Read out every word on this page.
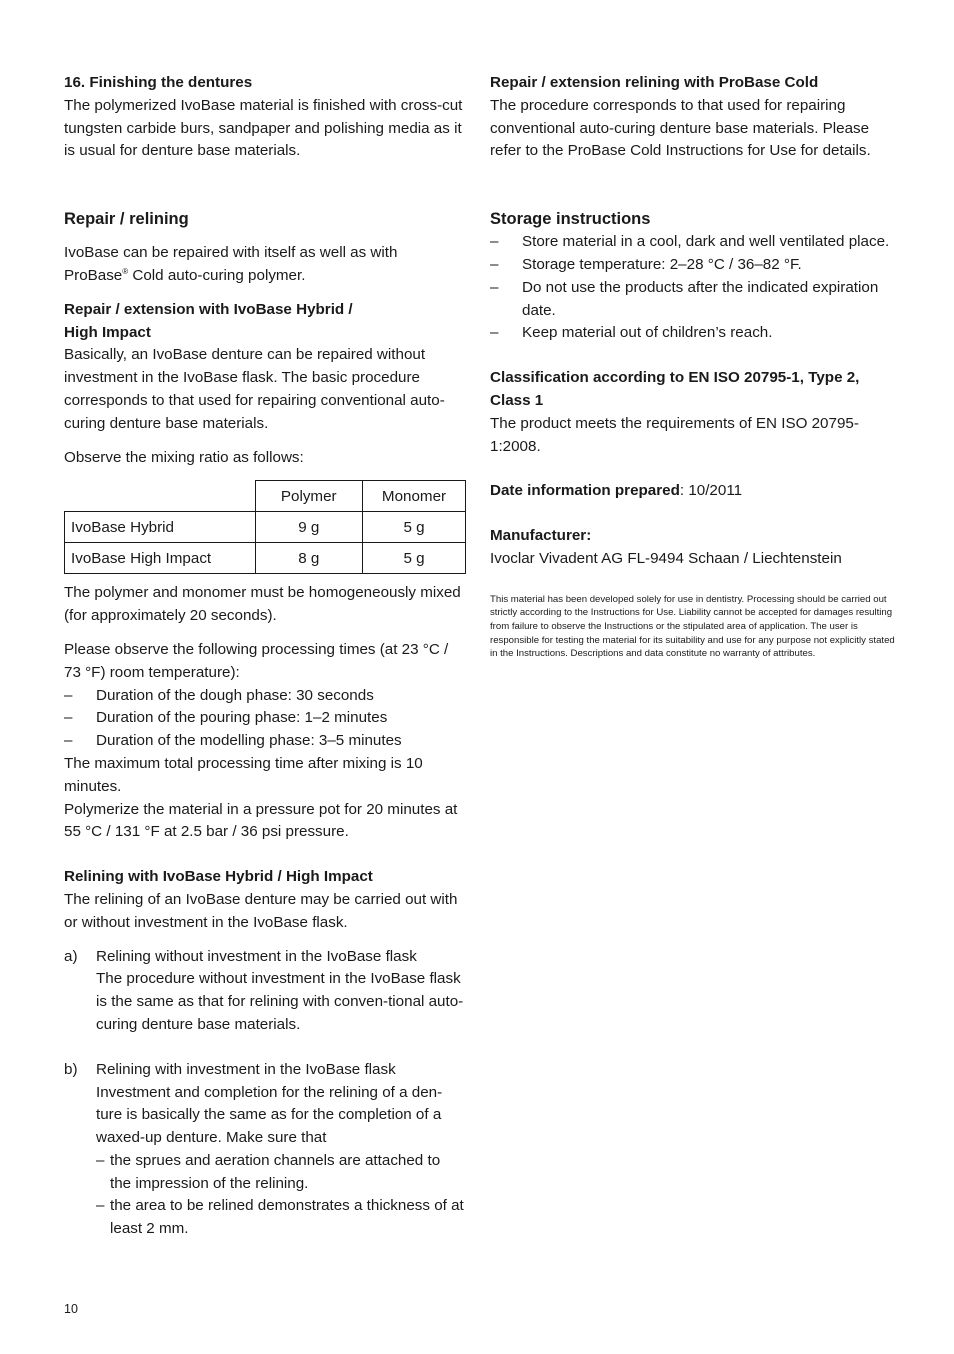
16. Finishing the dentures

The polymerized IvoBase material is finished with cross-cut tungsten carbide burs, sandpaper and polishing media as it is usual for denture base materials.

Repair / relining

IvoBase can be repaired with itself as well as with ProBase® Cold auto-curing polymer.

Repair / extension with IvoBase Hybrid /

High Impact

Basically, an IvoBase denture can be repaired without investment in the IvoBase flask. The basic procedure corresponds to that used for repairing conventional auto-curing denture base materials.

Observe the mixing ratio as follows:

	Polymer	Monomer
IvoBase Hybrid	9 g	5 g
IvoBase High Impact	8 g	5 g

The polymer and monomer must be homogeneously mixed (for approximately 20 seconds).

Please observe the following processing times (at 23 °C / 73 °F) room temperature):

–	Duration of the dough phase: 30 seconds
–	Duration of the pouring phase: 1–2 minutes
–	Duration of the modelling phase: 3–5 minutes

The maximum total processing time after mixing is 10 minutes.

Polymerize the material in a pressure pot for 20 minutes at 55 °C / 131 °F at 2.5 bar / 36 psi pressure.

Relining with IvoBase Hybrid / High Impact

The relining of an IvoBase denture may be carried out with or without investment in the IvoBase flask.

a)	Relining without investment in the IvoBase flask
The procedure without investment in the IvoBase flask is the same as that for relining with conven-tional auto-curing denture base materials.
b)	Relining with investment in the IvoBase flask
Investment and completion for the relining of a den-ture is basically the same as for the completion of a waxed-up denture. Make sure that
– the sprues and aeration channels are attached to the impression of the relining.
– the area to be relined demonstrates a thickness of at least 2 mm.

Repair / extension relining with ProBase Cold

The procedure corresponds to that used for repairing conventional auto-curing denture base materials. Please refer to the ProBase Cold Instructions for Use for details.

Storage instructions

–	Store material in a cool, dark and well ventilated place.
–	Storage temperature: 2–28 °C / 36–82 °F.
–	Do not use the products after the indicated expiration date.
–	Keep material out of children’s reach.

Classification according to EN ISO 20795-1, Type 2, Class 1

The product meets the requirements of EN ISO 20795-1:2008.

Date information prepared: 10/2011

Manufacturer:

Ivoclar Vivadent AG FL-9494 Schaan / Liechtenstein

This material has been developed solely for use in dentistry. Processing should be carried out strictly according to the Instructions for Use. Liability cannot be accepted for damages resulting from failure to observe the Instructions or the stipulated area of application. The user is responsible for testing the material for its suitability and use for any purpose not explicitly stated in the Instructions. Descriptions and data constitute no warranty of attributes.

10
